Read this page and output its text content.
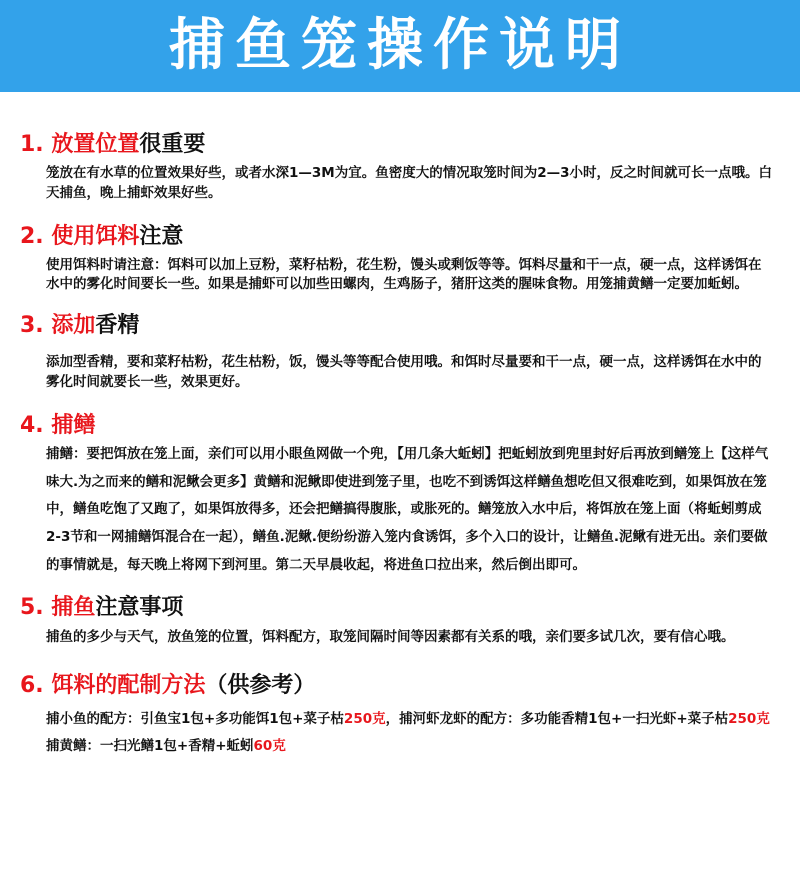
捕鱼笼操作说明
1. 放置位置很重要

笼放在有水草的位置效果好些，或者水深1—3M为宜。鱼密度大的情况取笼时间为2—3小时，反之时间就可长一点哦。白天捕鱼，晚上捕虾效果好些。

2. 使用饵料注意

使用饵料时请注意：饵料可以加上豆粉，菜籽枯粉，花生粉，馒头或剩饭等等。饵料尽量和干一点，硬一点，这样诱饵在水中的雾化时间要长一些。如果是捕虾可以加些田螺肉，生鸡肠子，猪肝这类的腥味食物。用笼捕黄鳝一定要加蚯蚓。

3. 添加香精

添加型香精，要和菜籽枯粉，花生枯粉，饭，馒头等等配合使用哦。和饵时尽量要和干一点，硬一点，这样诱饵在水中的雾化时间就要长一些，效果更好。

4. 捕鳝

捕鳝：要把饵放在笼上面，亲们可以用小眼鱼网做一个兜，【用几条大蚯蚓】把蚯蚓放到兜里封好后再放到鳝笼上【这样气味大.为之而来的鳝和泥鳅会更多】黄鳝和泥鳅即使进到笼子里，也吃不到诱饵这样鳝鱼想吃但又很难吃到，如果饵放在笼中，鳝鱼吃饱了又跑了，如果饵放得多，还会把鳝搞得腹胀，或胀死的。鳝笼放入水中后，将饵放在笼上面（将蚯蚓剪成2-3节和一网捕鳝饵混合在一起），鳝鱼.泥鳅.便纷纷游入笼内食诱饵，多个入口的设计，让鳝鱼.泥鳅有进无出。亲们要做的事情就是，每天晚上将网下到河里。第二天早晨收起，将进鱼口拉出来，然后倒出即可。

5. 捕鱼注意事项

捕鱼的多少与天气，放鱼笼的位置，饵料配方，取笼间隔时间等因素都有关系的哦，亲们要多试几次，要有信心哦。

6. 饵料的配制方法（供参考）

捕小鱼的配方：引鱼宝1包+多功能饵1包+菜子枯250克，捕河虾龙虾的配方：多功能香精1包+一扫光虾+菜子枯250克捕黄鳝：一扫光鳝1包+香精+蚯蚓60克
